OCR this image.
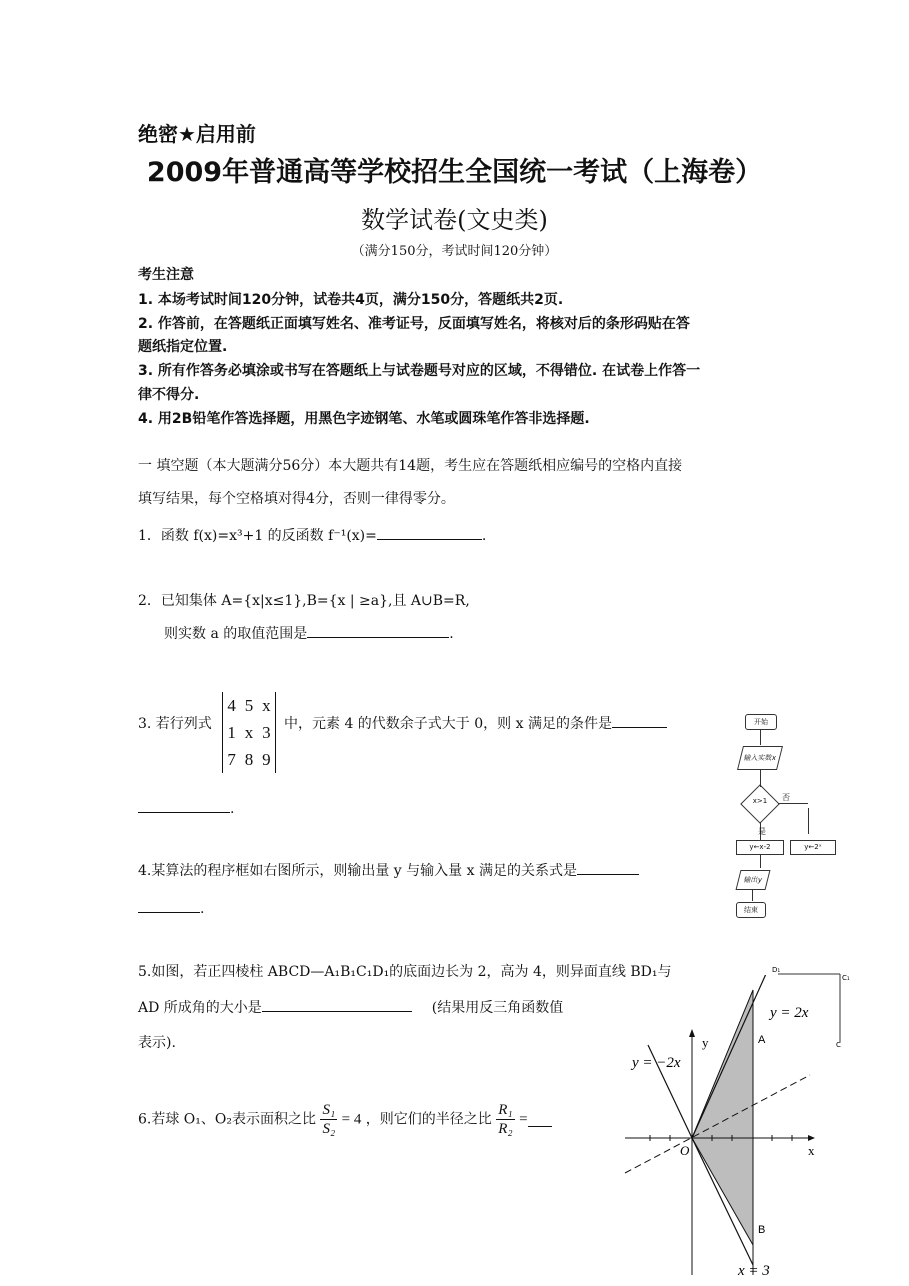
绝密★启用前
2009年普通高等学校招生全国统一考试（上海卷）
数学试卷(文史类)
（满分150分，考试时间120分钟）
考生注意
1. 本场考试时间120分钟，试卷共4页，满分150分，答题纸共2页.
2. 作答前，在答题纸正面填写姓名、准考证号，反面填写姓名，将核对后的条形码贴在答
题纸指定位置.
3. 所有作答务必填涂或书写在答题纸上与试卷题号对应的区域，不得错位. 在试卷上作答一
律不得分.
4. 用2B铅笔作答选择题，用黑色字迹钢笔、水笔或圆珠笔作答非选择题.
一 填空题（本大题满分56分）本大题共有14题，考生应在答题纸相应编号的空格内直接
填写结果，每个空格填对得4分，否则一律得零分。
1．函数 f(x)=x³+1 的反函数 f⁻¹(x)=	.
2．已知集体 A={x|x≤1},B={x | ≥a},且 A∪B=R,
则实数 a 的取值范围是	.
3. 若行列式
4 5 x
1 x 3
7 8 9
中，元素 4 的代数余子式大于 0，则 x 满足的条件是
.
4.某算法的程序框如右图所示，则输出量 y 与输入量 x 满足的关系式是
.
5.如图，若正四棱柱 ABCD—A₁B₁C₁D₁的底面边长为 2，高为 4，则异面直线 BD₁与
AD 所成角的大小是	(结果用反三角函数值
表示).
6.若球 O₁、O₂表示面积之比 $\frac{\text{S₁}}{\text{S₂}} = 4$ ，则它们的半径之比 $\frac{\text{R₁}}{\text{R₂}}$ =
开始
输入实数x
x>1 否
是
y←x-2	y←2ˣ
输出y
结束
D₁
C₁
C
y = 2x
y = −2x
x = 3
y
x
O
A
B
